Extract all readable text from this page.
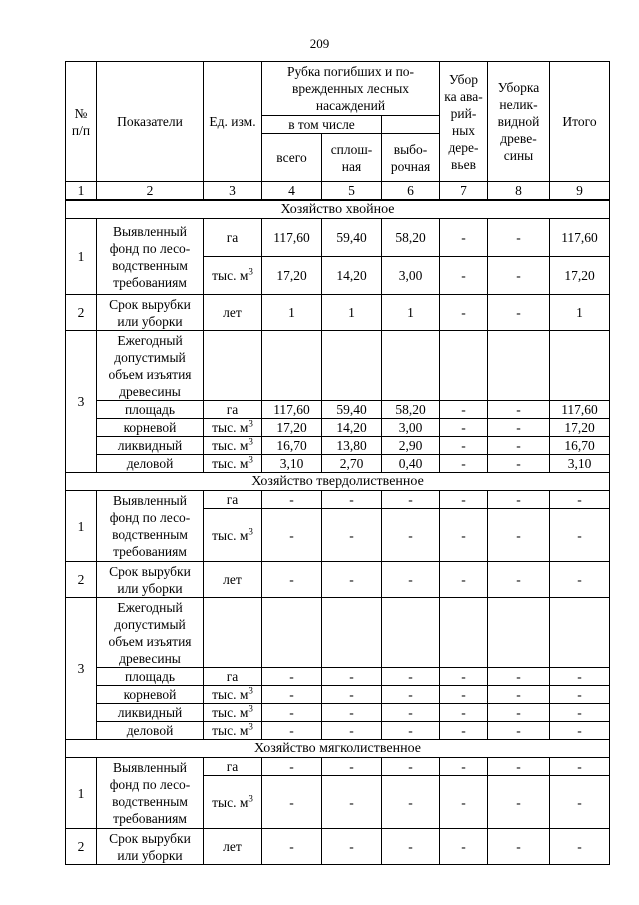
209
№ п/п	Показатели	Ед. изм.	Рубка погибших и по-врежденных лесных насаждений			Убор ка ава-рий-ных дере-вьев	Уборка нелик-видной древе-сины	Итого
			в том числе					
			всего	сплош-ная	выбо-рочная			
1	2	3	4	5	6	7	8	9
Хозяйство хвойное								
1	Выявленный фонд по лесо-водственным требованиям	га	117,60	59,40	58,20	-	-	117,60
		тыс. $м^3$	17,20	14,20	3,00	-	-	17,20
2	Срок вырубки или уборки	лет	1	1	1	-	-	1
3	Ежегодный допустимый объем изъятия древесины							
	площадь	га	117,60	59,40	58,20	-	-	117,60
	корневой	тыс. $м^3$	17,20	14,20	3,00	-	-	17,20
	ликвидный	тыс. $м^3$	16,70	13,80	2,90	-	-	16,70
	деловой	тыс. $м^3$	3,10	2,70	0,40	-	-	3,10
Хозяйство твердолиственное								
1	Выявленный фонд по лесо-водственным требованиям	га	-	-	-	-	-	-
		тыс. $м^3$	-	-	-	-	-	-
2	Срок вырубки или уборки	лет	-	-	-	-	-	-
3	Ежегодный допустимый объем изъятия древесины							
	площадь	га	-	-	-	-	-	-
	корневой	тыс. $м^3$	-	-	-	-	-	-
	ликвидный	тыс. $м^3$	-	-	-	-	-	-
	деловой	тыс. $м^3$	-	-	-	-	-	-
Хозяйство мягколиственное								
1	Выявленный фонд по лесо-водственным требованиям	га	-	-	-	-	-	-
		тыс. $м^3$	-	-	-	-	-	-
2	Срок вырубки или уборки	лет	-	-	-	-	-	-
